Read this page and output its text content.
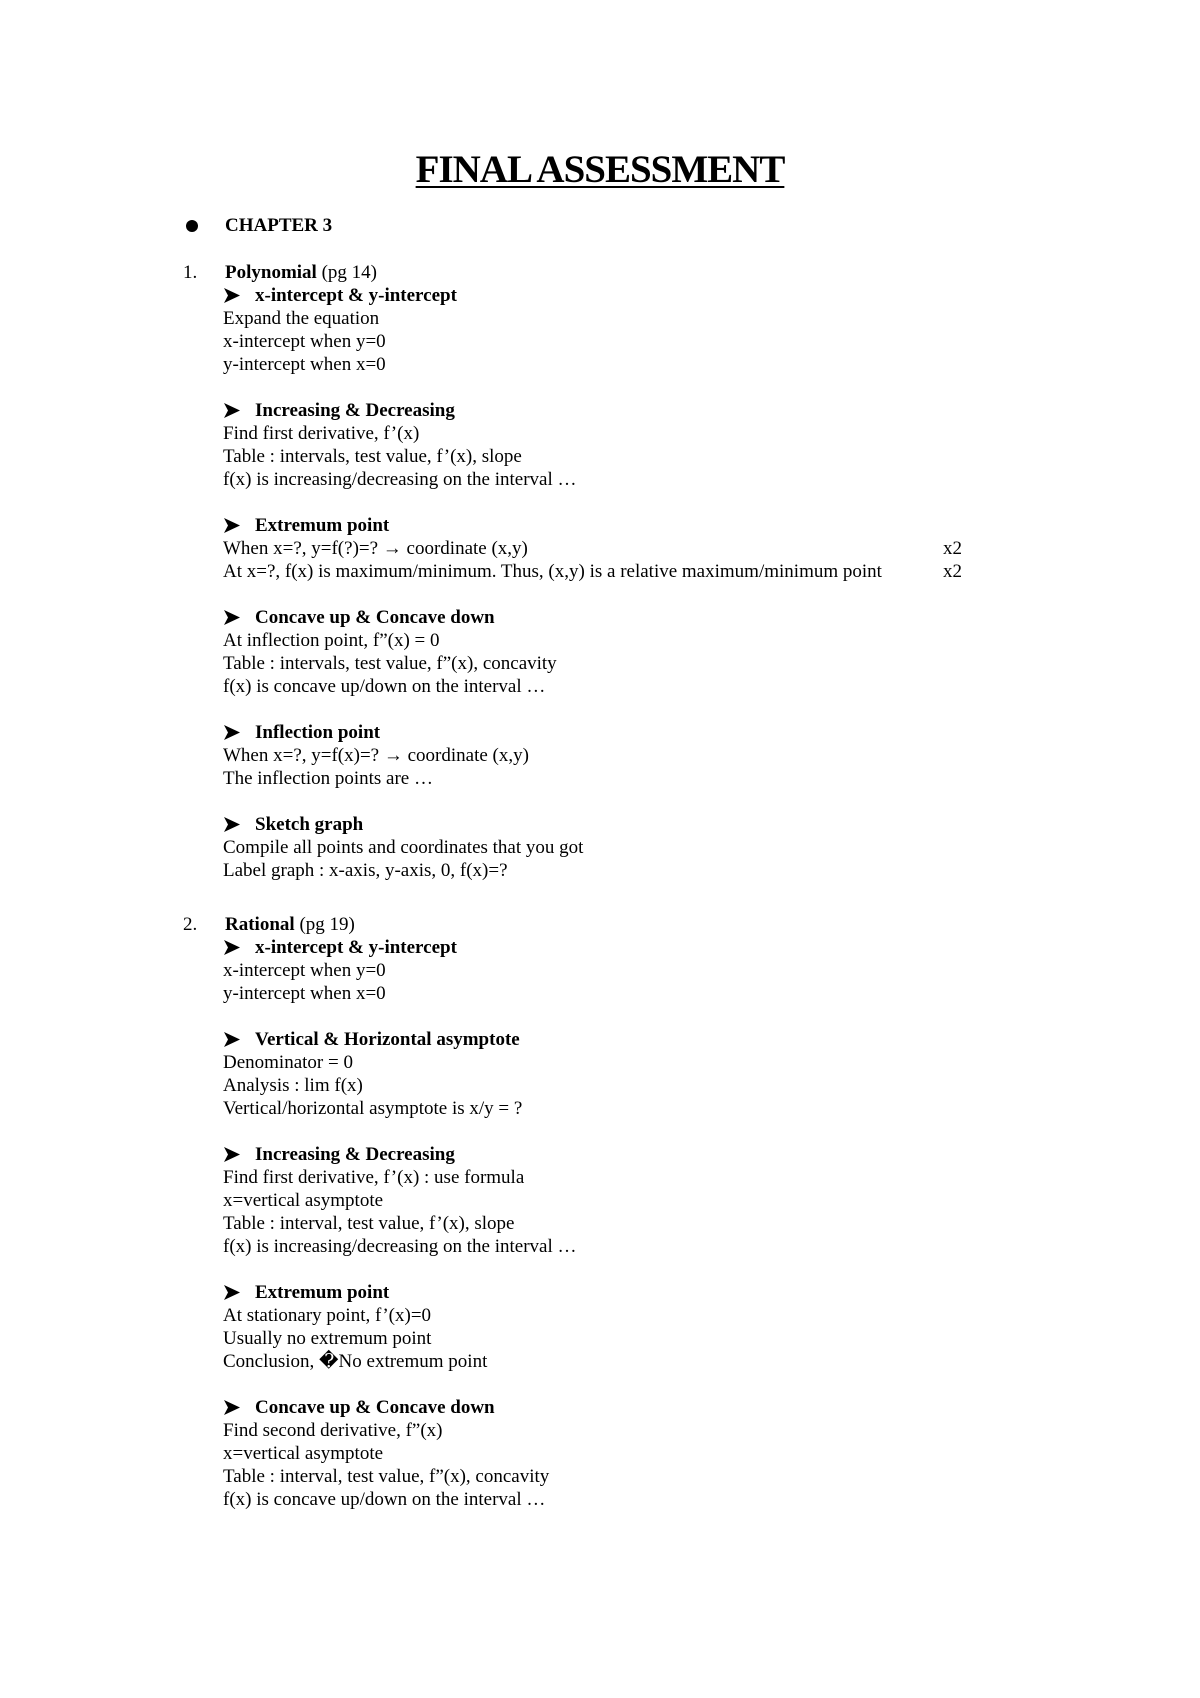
FINAL ASSESSMENT
CHAPTER 3
1. Polynomial (pg 14)
x-intercept & y-intercept
Expand the equation
x-intercept when y=0
y-intercept when x=0
Increasing & Decreasing
Find first derivative, f’(x)
Table : intervals, test value, f’(x), slope
f(x) is increasing/decreasing on the interval …
Extremum point
When x=?, y=f(?)=? → coordinate (x,y)	x2
At x=?, f(x) is maximum/minimum. Thus, (x,y) is a relative maximum/minimum point	x2
Concave up & Concave down
At inflection point, f”(x) = 0
Table : intervals, test value, f”(x), concavity
f(x) is concave up/down on the interval …
Inflection point
When x=?, y=f(x)=? → coordinate (x,y)
The inflection points are …
Sketch graph
Compile all points and coordinates that you got
Label graph : x-axis, y-axis, 0, f(x)=?
2. Rational (pg 19)
x-intercept & y-intercept
x-intercept when y=0
y-intercept when x=0
Vertical & Horizontal asymptote
Denominator = 0
Analysis : lim f(x)
Vertical/horizontal asymptote is x/y = ?
Increasing & Decreasing
Find first derivative, f’(x) : use formula
x=vertical asymptote
Table : interval, test value, f’(x), slope
f(x) is increasing/decreasing on the interval …
Extremum point
At stationary point, f’(x)=0
Usually no extremum point
Conclusion, �No extremum point
Concave up & Concave down
Find second derivative, f”(x)
x=vertical asymptote
Table : interval, test value, f”(x), concavity
f(x) is concave up/down on the interval …
